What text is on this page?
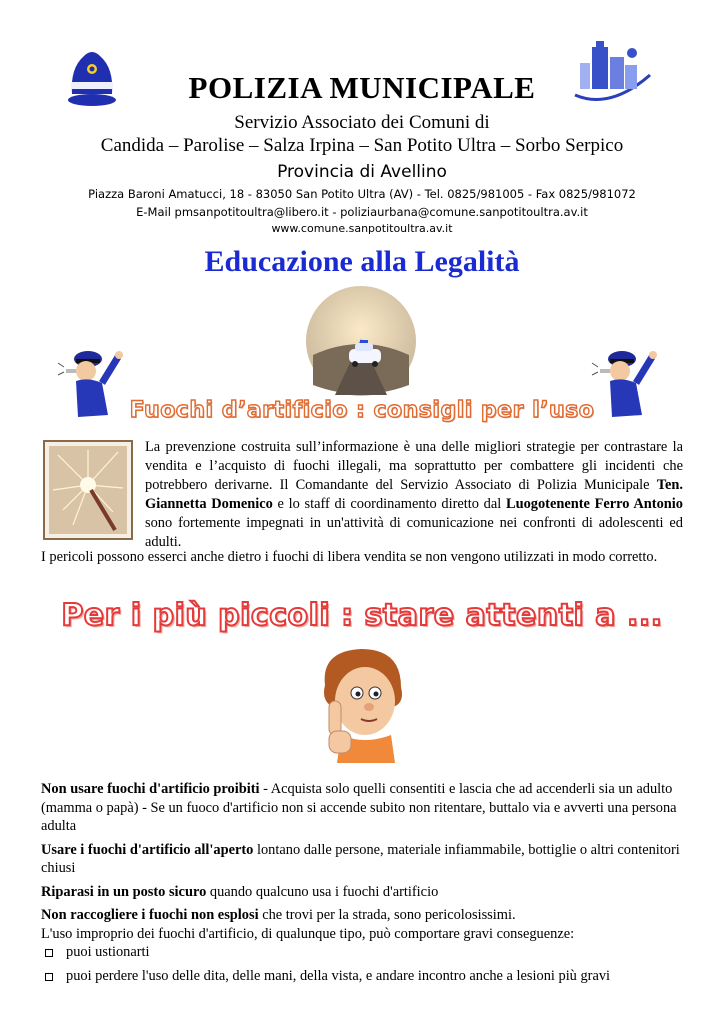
POLIZIA MUNICIPALE
Servizio Associato dei Comuni di
Candida – Parolise – Salza Irpina – San Potito Ultra – Sorbo Serpico
Provincia di Avellino
Piazza Baroni Amatucci, 18 - 83050 San Potito Ultra (AV) - Tel. 0825/981005 - Fax 0825/981072
E-Mail pmsanpotitoultra@libero.it - poliziaurbana@comune.sanpotitoultra.av.it
www.comune.sanpotitoultra.av.it
Educazione alla Legalità
Fuochi d’artificio : consigli per l’uso
La prevenzione costruita sull’informazione è una delle migliori strategie per contrastare la vendita e l’acquisto di fuochi illegali, ma soprattutto per combattere gli incidenti che potrebbero derivarne. Il Comandante del Servizio Associato di Polizia Municipale Ten. Giannetta Domenico e lo staff di coordinamento diretto dal Luogotenente Ferro Antonio sono fortemente impegnati in un'attività di comunicazione nei confronti di adolescenti ed adulti.
I pericoli possono esserci anche dietro i fuochi di libera vendita se non vengono utilizzati in modo corretto.
Per i più piccoli : stare attenti a ...

Non usare fuochi d'artificio proibiti - Acquista solo quelli consentiti e lascia che ad accenderli sia un adulto (mamma o papà) - Se un fuoco d'artificio non si accende subito non ritentare, buttalo via e avverti una persona adulta

Usare i fuochi d'artificio all'aperto lontano dalle persone, materiale infiammabile, bottiglie o altri contenitori chiusi

Riparasi in un posto sicuro quando qualcuno usa i fuochi d'artificio

Non raccogliere i fuochi non esplosi che trovi per la strada, sono pericolosissimi.

L'uso improprio dei fuochi d'artificio, di qualunque tipo, può comportare gravi conseguenze:

puoi ustionarti

puoi perdere l'uso delle dita, delle mani, della vista, e andare incontro anche a lesioni più gravi
